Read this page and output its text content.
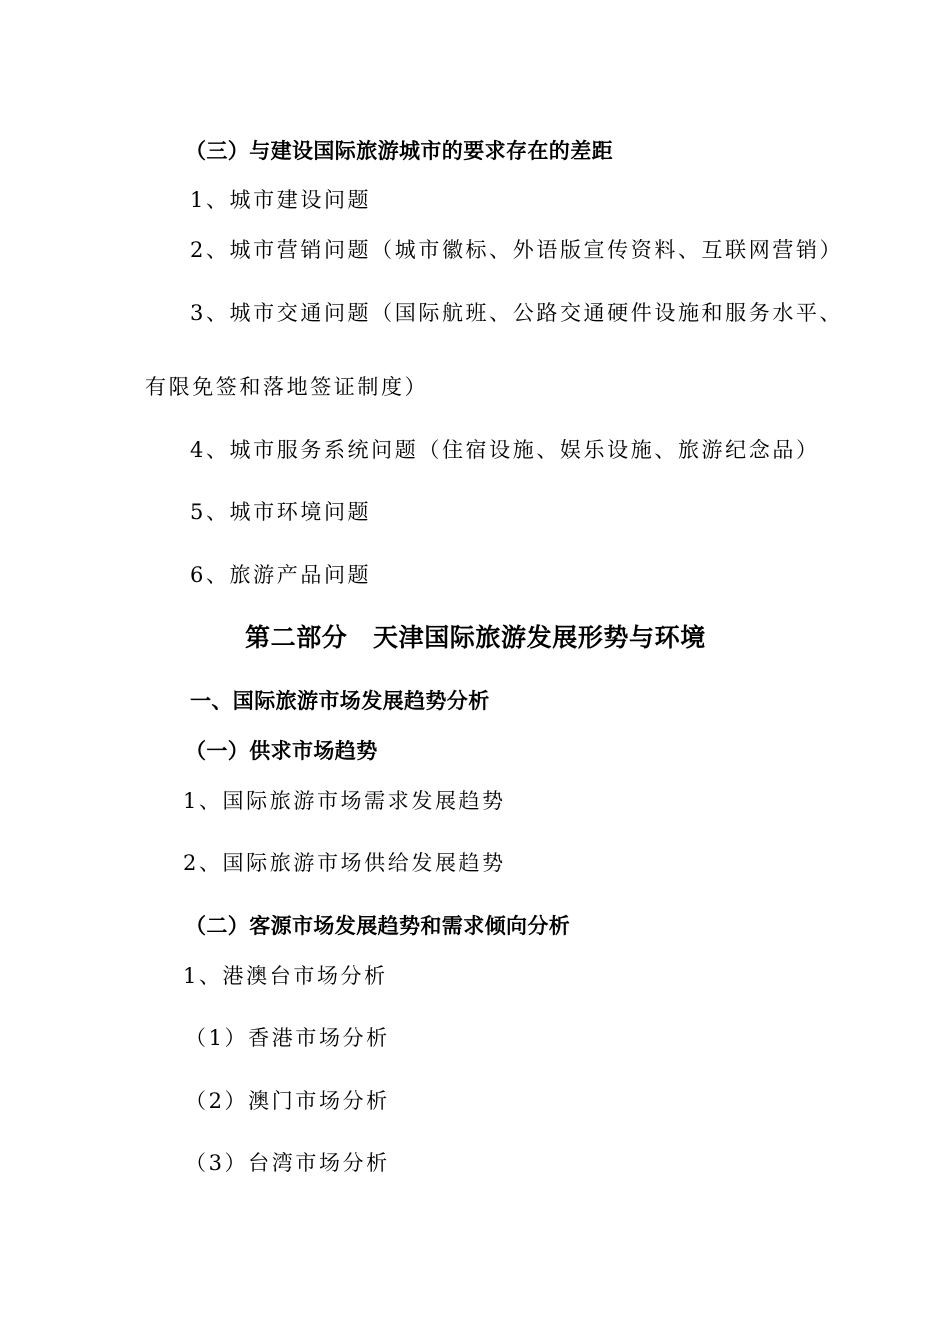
（三）与建设国际旅游城市的要求存在的差距
1、城市建设问题
2、城市营销问题（城市徽标、外语版宣传资料、互联网营销）
3、城市交通问题（国际航班、公路交通硬件设施和服务水平、
有限免签和落地签证制度）
4、城市服务系统问题（住宿设施、娱乐设施、旅游纪念品）
5、城市环境问题
6、旅游产品问题
第二部分　天津国际旅游发展形势与环境
一、国际旅游市场发展趋势分析
（一）供求市场趋势
1、国际旅游市场需求发展趋势
2、国际旅游市场供给发展趋势
（二）客源市场发展趋势和需求倾向分析
1、港澳台市场分析
（1）香港市场分析
（2）澳门市场分析
（3）台湾市场分析
